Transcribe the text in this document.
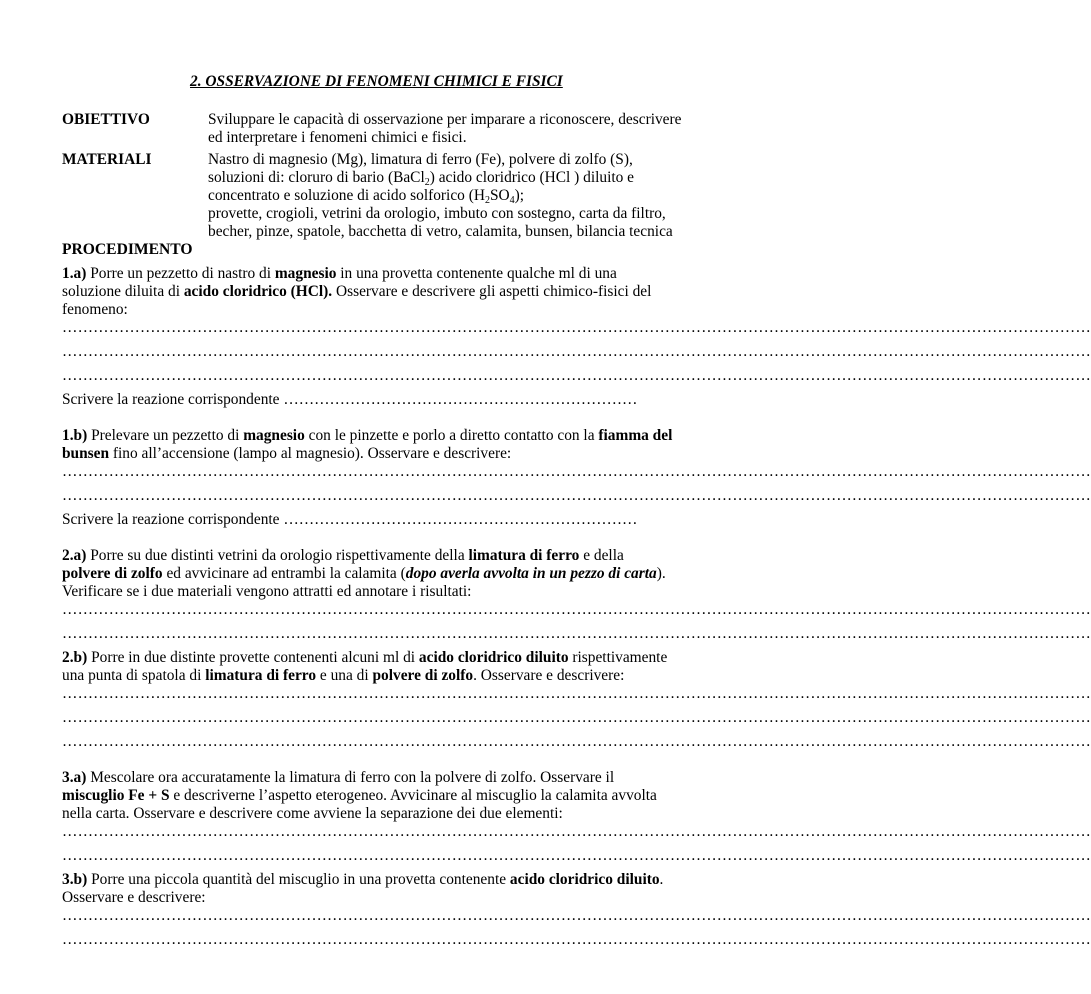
2. OSSERVAZIONE DI FENOMENI CHIMICI E FISICI
OBIETTIVO	Sviluppare le capacità di osservazione per imparare a riconoscere, descrivere
ed interpretare i fenomeni chimici e fisici.
MATERIALI	Nastro di magnesio (Mg), limatura di ferro (Fe), polvere di zolfo (S),
soluzioni di: cloruro di bario (BaCl$_2$) acido cloridrico (HCl ) diluito e
concentrato e soluzione di acido solforico $(H_2SO_4)$;
provette, crogioli, vetrini da orologio, imbuto con sostegno, carta da filtro,
becher, pinze, spatole, bacchetta di vetro, calamita, bunsen, bilancia tecnica
PROCEDIMENTO
1.a) Porre un pezzetto di nastro di magnesio in una provetta contenente qualche ml di una
soluzione diluita di acido cloridrico (HCl). Osservare e descrivere gli aspetti chimico-fisici del
fenomeno:
………………………………………………………………………………………………………………………………………………………………………………
………………………………………………………………………………………………………………………………………………………………………………
………………………………………………………………………………………………………………………………………………………………………………
Scrivere la reazione corrispondente ……………………………………………………………
1.b) Prelevare un pezzetto di magnesio con le pinzette e porlo a diretto contatto con la fiamma del
bunsen fino all’accensione (lampo al magnesio). Osservare e descrivere:
………………………………………………………………………………………………………………………………………………………………………………
………………………………………………………………………………………………………………………………………………………………………………
Scrivere la reazione corrispondente ……………………………………………………………
2.a) Porre su due distinti vetrini da orologio rispettivamente della limatura di ferro e della
polvere di zolfo ed avvicinare ad entrambi la calamita (dopo averla avvolta in un pezzo di carta).
Verificare se i due materiali vengono attratti ed annotare i risultati:
………………………………………………………………………………………………………………………………………………………………………………
………………………………………………………………………………………………………………………………………………………………………………
2.b) Porre in due distinte provette contenenti alcuni ml di acido cloridrico diluito rispettivamente
una punta di spatola di limatura di ferro e una di polvere di zolfo. Osservare e descrivere:
………………………………………………………………………………………………………………………………………………………………………………
………………………………………………………………………………………………………………………………………………………………………………
………………………………………………………………………………………………………………………………………………………………………………
3.a) Mescolare ora accuratamente la limatura di ferro con la polvere di zolfo. Osservare il
miscuglio Fe + S e descriverne l’aspetto eterogeneo. Avvicinare al miscuglio la calamita avvolta
nella carta. Osservare e descrivere come avviene la separazione dei due elementi:
………………………………………………………………………………………………………………………………………………………………………………
………………………………………………………………………………………………………………………………………………………………………………
3.b) Porre una piccola quantità del miscuglio in una provetta contenente acido cloridrico diluito.
Osservare e descrivere:
………………………………………………………………………………………………………………………………………………………………………………
………………………………………………………………………………………………………………………………………………………………………………
